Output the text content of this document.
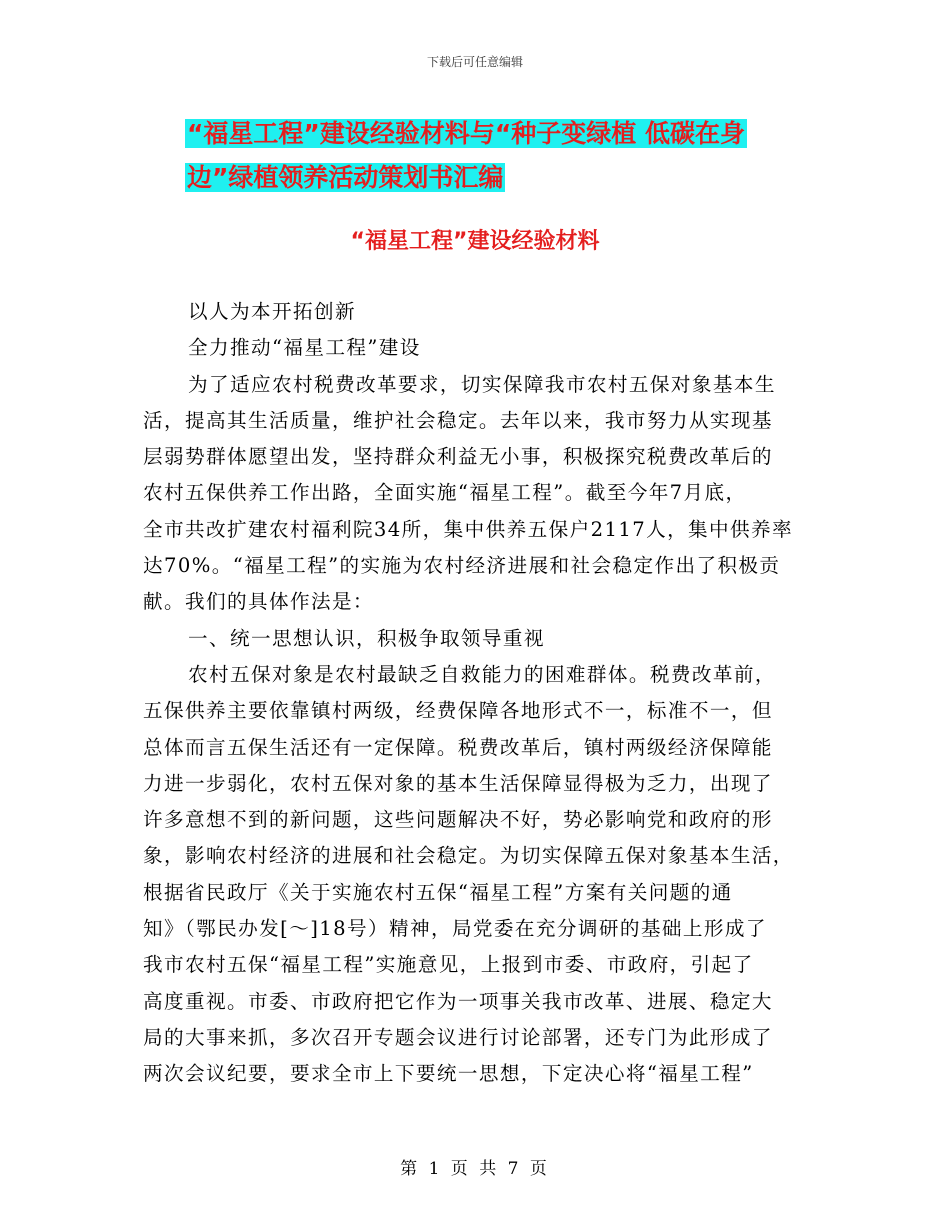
下载后可任意编辑
“福星工程”建设经验材料与“种子变绿植 低碳在身
边”绿植领养活动策划书汇编
“福星工程”建设经验材料
以人为本开拓创新
全力推动“福星工程”建设
为了适应农村税费改革要求，切实保障我市农村五保对象基本生
活，提高其生活质量，维护社会稳定。去年以来，我市努力从实现基
层弱势群体愿望出发，坚持群众利益无小事，积极探究税费改革后的
农村五保供养工作出路，全面实施“福星工程”。截至今年7月底，
全市共改扩建农村福利院34所，集中供养五保户2117人，集中供养率
达70%。“福星工程”的实施为农村经济进展和社会稳定作出了积极贡
献。我们的具体作法是：
一、统一思想认识，积极争取领导重视
农村五保对象是农村最缺乏自救能力的困难群体。税费改革前，
五保供养主要依靠镇村两级，经费保障各地形式不一，标准不一，但
总体而言五保生活还有一定保障。税费改革后，镇村两级经济保障能
力进一步弱化，农村五保对象的基本生活保障显得极为乏力，出现了
许多意想不到的新问题，这些问题解决不好，势必影响党和政府的形
象，影响农村经济的进展和社会稳定。为切实保障五保对象基本生活，
根据省民政厅《关于实施农村五保“福星工程”方案有关问题的通
知》（鄂民办发[～]18号）精神，局党委在充分调研的基础上形成了
我市农村五保“福星工程”实施意见，上报到市委、市政府，引起了
高度重视。市委、市政府把它作为一项事关我市改革、进展、稳定大
局的大事来抓，多次召开专题会议进行讨论部署，还专门为此形成了
两次会议纪要，要求全市上下要统一思想，下定决心将“福星工程”
第 1 页 共 7 页
